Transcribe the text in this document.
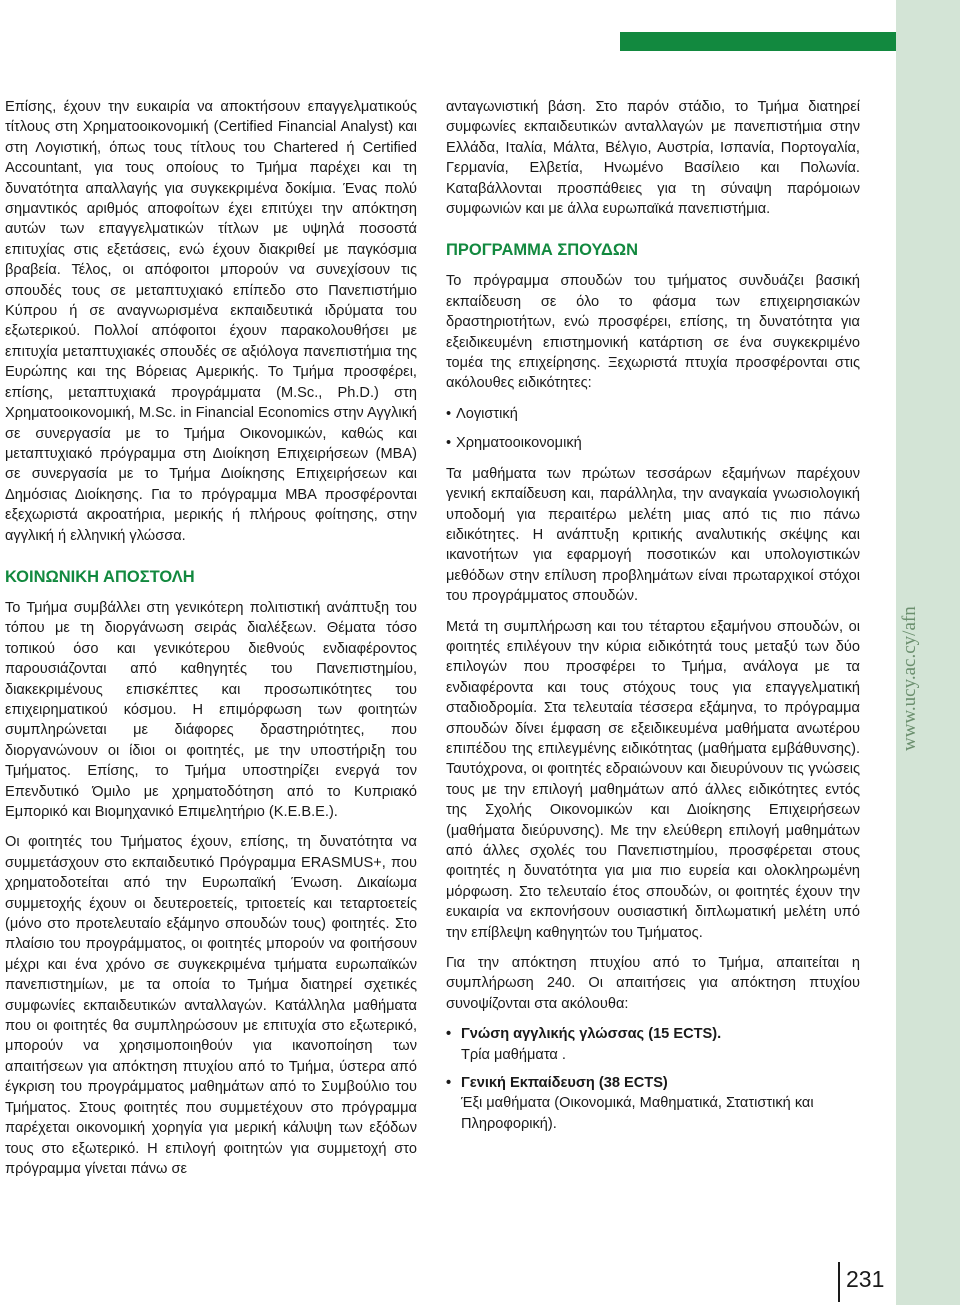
www.ucy.ac.cy/afn

Επίσης, έχουν την ευκαιρία να αποκτήσουν επαγγελματικούς τίτλους στη Χρηματοοικονομική (Certified Financial Analyst) και στη Λογιστική, όπως τους τίτλους του Chartered ή Certified Accountant, για τους οποίους το Τμήμα παρέχει και τη δυνατότητα απαλλαγής για συγκεκριμένα δοκίμια. Ένας πολύ σημαντικός αριθμός αποφοίτων έχει επιτύχει την απόκτηση αυτών των επαγγελματικών τίτλων με υψηλά ποσοστά επιτυχίας στις εξετάσεις, ενώ έχουν διακριθεί με παγκόσμια βραβεία. Τέλος, οι απόφοιτοι μπορούν να συνεχίσουν τις σπουδές τους σε μεταπτυχιακό επίπεδο στο Πανεπιστήμιο Κύπρου ή σε αναγνωρισμένα εκπαιδευτικά ιδρύματα του εξωτερικού. Πολλοί απόφοιτοι έχουν παρακολουθήσει με επιτυχία μεταπτυχιακές σπουδές σε αξιόλογα πανεπιστήμια της Ευρώπης και της Βόρειας Αμερικής. Το Τμήμα προσφέρει, επίσης, μεταπτυχιακά προγράμματα (M.Sc., Ph.D.) στη Χρηματοοικονομική, M.Sc. in Financial Economics στην Αγγλική σε συνεργασία με το Τμήμα Οικονομικών, καθώς και μεταπτυχιακό πρόγραμμα στη Διοίκηση Επιχειρήσεων (MBA) σε συνεργασία με το Τμήμα Διοίκησης Επιχειρήσεων και Δημόσιας Διοίκησης. Για το πρόγραμμα MBA προσφέρονται εξεχωριστά ακροατήρια, μερικής ή πλήρους φοίτησης, στην αγγλική ή ελληνική γλώσσα.

ΚΟΙΝΩΝΙΚΗ ΑΠΟΣΤΟΛΗ

Το Τμήμα συμβάλλει στη γενικότερη πολιτιστική ανάπτυξη του τόπου με τη διοργάνωση σειράς διαλέξεων. Θέματα τόσο τοπικού όσο και γενικότερου διεθνούς ενδιαφέροντος παρουσιάζονται από καθηγητές του Πανεπιστημίου, διακεκριμένους επισκέπτες και προσωπικότητες του επιχειρηματικού κόσμου. Η επιμόρφωση των φοιτητών συμπληρώνεται με διάφορες δραστηριότητες, που διοργανώνουν οι ίδιοι οι φοιτητές, με την υποστήριξη του Τμήματος. Επίσης, το Τμήμα υποστηρίζει ενεργά τον Επενδυτικό Όμιλο με χρηματοδότηση από το Κυπριακό Εμπορικό και Βιομηχανικό Επιμελητήριο (Κ.Ε.Β.Ε.).

Οι φοιτητές του Τμήματος έχουν, επίσης, τη δυνατότητα να συμμετάσχουν στο εκπαιδευτικό Πρόγραμμα ERASMUS+, που χρηματοδοτείται από την Ευρωπαϊκή Ένωση. Δικαίωμα συμμετοχής έχουν οι δευτεροετείς, τριτοετείς και τεταρτοετείς (μόνο στο προτελευταίο εξάμηνο σπουδών τους) φοιτητές. Στο πλαίσιο του προγράμματος, οι φοιτητές μπορούν να φοιτήσουν μέχρι και ένα χρόνο σε συγκεκριμένα τμήματα ευρωπαϊκών πανεπιστημίων, με τα οποία το Τμήμα διατηρεί σχετικές συμφωνίες εκπαιδευτικών ανταλλαγών. Κατάλληλα μαθήματα που οι φοιτητές θα συμπληρώσουν με επιτυχία στο εξωτερικό, μπορούν να χρησιμοποιηθούν για ικανοποίηση των απαιτήσεων για απόκτηση πτυχίου από το Τμήμα, ύστερα από έγκριση του προγράμματος μαθημάτων από το Συμβούλιο του Τμήματος. Στους φοιτητές που συμμετέχουν στο πρόγραμμα παρέχεται οικονομική χορηγία για μερική κάλυψη των εξόδων τους στο εξωτερικό. Η επιλογή φοιτητών για συμμετοχή στο πρόγραμμα γίνεται πάνω σε

ανταγωνιστική βάση. Στο παρόν στάδιο, το Τμήμα διατηρεί συμφωνίες εκπαιδευτικών ανταλλαγών με πανεπιστήμια στην Ελλάδα, Ιταλία, Μάλτα, Βέλγιο, Αυστρία, Ισπανία, Πορτογαλία, Γερμανία, Ελβετία, Ηνωμένο Βασίλειο και Πολωνία. Καταβάλλονται προσπάθειες για τη σύναψη παρόμοιων συμφωνιών και με άλλα ευρωπαϊκά πανεπιστήμια.

ΠΡΟΓΡΑΜΜΑ ΣΠΟΥΔΩΝ

Το πρόγραμμα σπουδών του τμήματος συνδυάζει βασική εκπαίδευση σε όλο το φάσμα των επιχειρησιακών δραστηριοτήτων, ενώ προσφέρει, επίσης, τη δυνατότητα για εξειδικευμένη επιστημονική κατάρτιση σε ένα συγκεκριμένο τομέα της επιχείρησης. Ξεχωριστά πτυχία προσφέρονται στις ακόλουθες ειδικότητες:

• Λογιστική
• Χρηματοοικονομική

Τα μαθήματα των πρώτων τεσσάρων εξαμήνων παρέχουν γενική εκπαίδευση και, παράλληλα, την αναγκαία γνωσιολογική υποδομή για περαιτέρω μελέτη μιας από τις πιο πάνω ειδικότητες. Η ανάπτυξη κριτικής αναλυτικής σκέψης και ικανοτήτων για εφαρμογή ποσοτικών και υπολογιστικών μεθόδων στην επίλυση προβλημάτων είναι πρωταρχικοί στόχοι του προγράμματος σπουδών.

Μετά τη συμπλήρωση και του τέταρτου εξαμήνου σπουδών, οι φοιτητές επιλέγουν την κύρια ειδικότητά τους μεταξύ των δύο επιλογών που προσφέρει το Τμήμα, ανάλογα με τα ενδιαφέροντα και τους στόχους τους για επαγγελματική σταδιοδρομία. Στα τελευταία τέσσερα εξάμηνα, το πρόγραμμα σπουδών δίνει έμφαση σε εξειδικευμένα μαθήματα ανωτέρου επιπέδου της επιλεγμένης ειδικότητας (μαθήματα εμβάθυνσης). Ταυτόχρονα, οι φοιτητές εδραιώνουν και διευρύνουν τις γνώσεις τους με την επιλογή μαθημάτων από άλλες ειδικότητες εντός της Σχολής Οικονομικών και Διοίκησης Επιχειρήσεων (μαθήματα διεύρυνσης). Με την ελεύθερη επιλογή μαθημάτων από άλλες σχολές του Πανεπιστημίου, προσφέρεται στους φοιτητές η δυνατότητα για μια πιο ευρεία και ολοκληρωμένη μόρφωση. Στο τελευταίο έτος σπουδών, οι φοιτητές έχουν την ευκαιρία να εκπονήσουν ουσιαστική διπλωματική μελέτη υπό την επίβλεψη καθηγητών του Τμήματος.

Για την απόκτηση πτυχίου από το Τμήμα, απαιτείται η συμπλήρωση 240. Οι απαιτήσεις για απόκτηση πτυχίου συνοψίζονται στα ακόλουθα:

• Γνώση αγγλικής γλώσσας (15 ECTS).
Τρία μαθήματα .
• Γενική Εκπαίδευση (38 ECTS)
Έξι μαθήματα (Οικονομικά, Μαθηματικά, Στατιστική και Πληροφορική).
231
